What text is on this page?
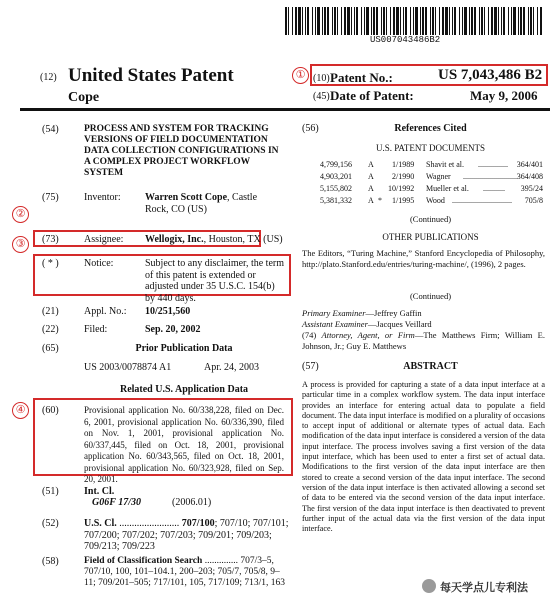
US007043486B2
(12) United States Patent
Cope
① (10) Patent No.:	US 7,043,486 B2
(45) Date of Patent:	May 9, 2006
(54)	PROCESS AND SYSTEM FOR TRACKING VERSIONS OF FIELD DOCUMENTATION DATA COLLECTION CONFIGURATIONS IN A COMPLEX PROJECT WORKFLOW SYSTEM
(75)	Inventor: Warren Scott Cope, Castle Rock, CO (US)
②
(73)	Assignee: Wellogix, Inc., Houston, TX (US)
③
( * )	Notice:	Subject to any disclaimer, the term of this patent is extended or adjusted under 35 U.S.C. 154(b) by 440 days.
(21)	Appl. No.: 10/251,560
(22)	Filed:	Sep. 20, 2002
(65)	Prior Publication Data
US 2003/0078874 A1	Apr. 24, 2003
Related U.S. Application Data
④	(60)	Provisional application No. 60/338,228, filed on Dec. 6, 2001, provisional application No. 60/336,390, filed on Nov. 1, 2001, provisional application No. 60/337,445, filed on Oct. 18, 2001, provisional application No. 60/343,565, filed on Oct. 18, 2001, provisional application No. 60/323,928, filed on Sep. 20, 2001.
(51)	Int. Cl.
G06F 17/30	(2006.01)
(52)	U.S. Cl. ........................ 707/100; 707/10; 707/101; 707/200; 707/202; 707/203; 709/201; 709/203; 709/213; 709/223
(58)	Field of Classification Search .............. 707/3–5, 707/10, 100, 101–104.1, 200–203; 705/7, 705/8, 9–11; 709/201–505; 717/101, 105, 717/109; 713/1, 163
(56)	References Cited
U.S. PATENT DOCUMENTS
4,799,156 A 1/1989 Shavit et al. ............... 364/401
4,903,201 A 2/1990 Wagner ........................... 364/408
5,155,802 A 10/1992 Mueller et al. ........... 395/24
5,381,332 A * 1/1995 Wood .............................. 705/8
(Continued)
OTHER PUBLICATIONS
The Editors, “Turing Machine,” Stanford Encyclopedia of Philosophy, http://plato.Stanford.edu/entries/turing-machine/, (1996), 2 pages.
(Continued)
Primary Examiner—Jeffrey Gaffin
Assistant Examiner—Jacques Veillard
(74) Attorney, Agent, or Firm—The Matthews Firm; William E. Johnson, Jr.; Guy E. Matthews
(57)	ABSTRACT
A process is provided for capturing a state of a data input interface at a particular time in a complex workflow system. The data input interface provides an interface for entering actual data to populate a field document. The data input interface is modified on a plurality of occasions to accept input of additional or alternate types of actual data. Each modification of the data input interface is considered a version of the data input interface. The process involves saving a first version of the data input interface, which has been used to enter a first set of actual data. Modifications to the first version of the data input interface are then stored to create a second version of the data input interface. The second version of the data input interface is then activated allowing a second set of data to be entered via the second version of the data input interface. The first version of the data input interface is then deactivated to prevent further input of the actual data via the first version of the data input interface.
每天学点儿专利法
